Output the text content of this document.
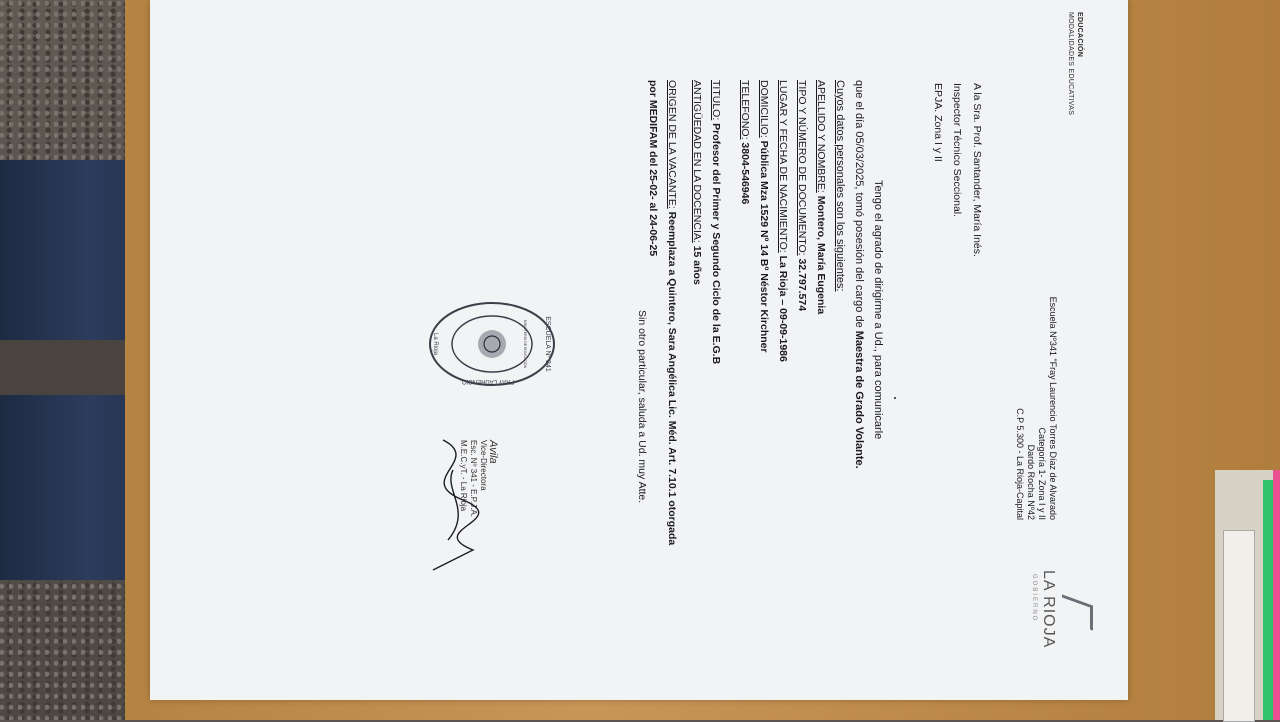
EDUCACIÓN
MODALIDADES EDUCATIVAS
LA RIOJA
GOBIERNO
Escuela Nº341 "Fray Laurencio Torres Díaz de Alvarado
Categoría 1- Zona I y II
Dardo Rocha Nº42
C.P 5.300 - La Rioja-Capital
A la Sra. Prof. Santander, María Inés.
Inspector Técnico Seccional.
EPJA. Zona I y II
Tengo el agrado de dirigirme a Ud., para comunicarle
que el día 05/03/2025, tomó posesión del cargo de Maestra de Grado Volante.
Cuyos datos personales son los siguientes:
APELLIDO Y NOMBRE: Montero, María Eugenia
TIPO Y NÚMERO DE DOCUMENTO: 32.797.574
LUGAR Y FECHA DE NACIMIENTO: La Rioja – 09-09-1986
DOMICILIO: Pública Mza 1529 Nº 14 Bº Néstor Kirchner
TELEFONO: 3804-546946
TITULO: Profesor del Primer y Segundo Ciclo de la E.G.B
ANTIGÜEDAD EN LA DOCENCIA: 15 años
ORIGEN DE LA VACANTE: Reemplaza a Quintero, Sara Angélica Lic. Méd. Art. 7.10.1 otorgada
por MEDIFAM del 25-02- al 24-06-25
Sin otro particular, saluda a Ud. muy Atte.
ESCUELA Nº 341
MINISTERIO DE EDUCACIÓN
La Rioja
FRAY LAURENCIO
Avila
Vice-Directora
Esc. Nº 341 - E.P.J.A.
M.E.C.yT. - La Rioja
